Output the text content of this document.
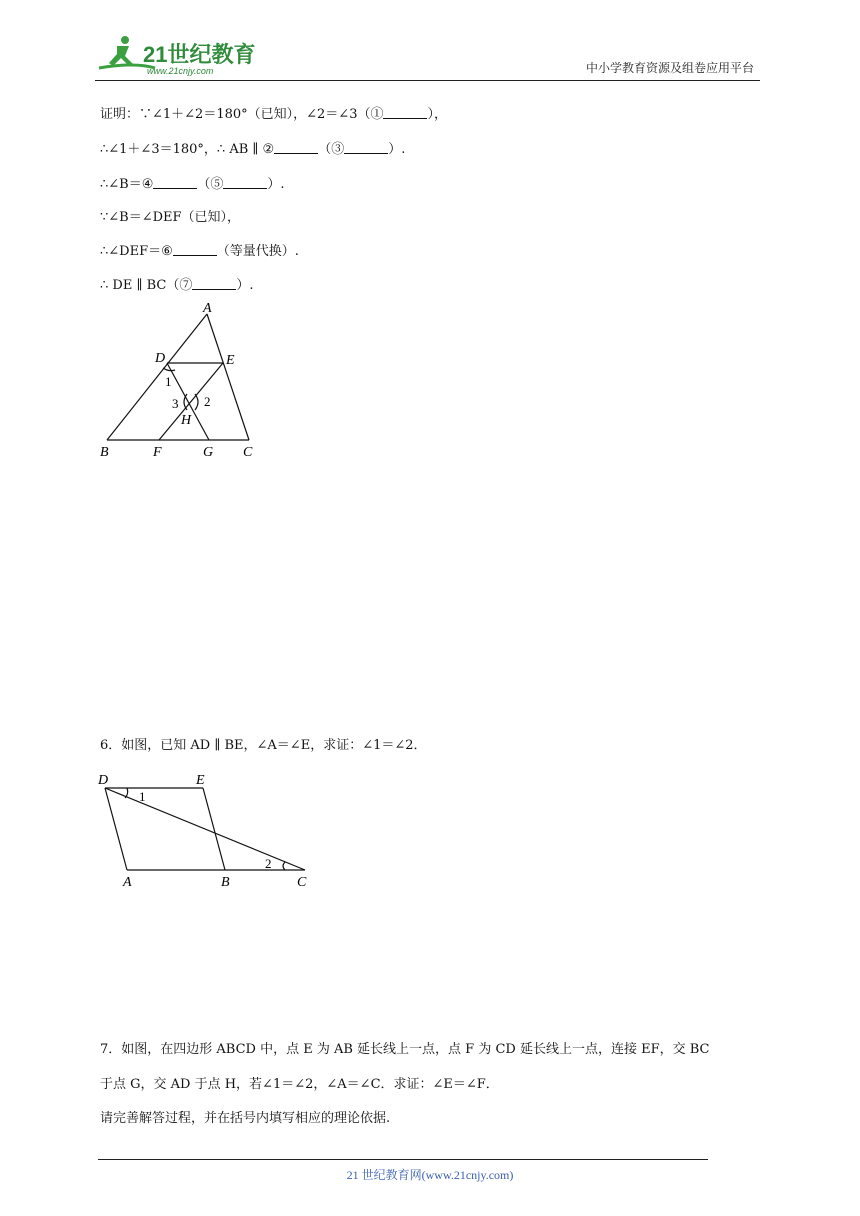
21世纪教育
www.21cnjy.com	中小学教育资源及组卷应用平台
证明：∵∠1＋∠2＝180°（已知），∠2＝∠3（①	），
∴∠1＋∠3＝180°，∴ AB ∥ ②	（③	）.
∴∠B＝④	（⑤	）.
∵∠B＝∠DEF（已知），
∴∠DEF＝⑥	（等量代换）.
∴ DE ∥ BC（⑦	）.
A
D	E
H
B	F	G C
1
3 2
6．如图，已知 AD ∥ BE，∠A＝∠E，求证：∠1＝∠2．
D	E
A	B	C
1
2
7．如图，在四边形 ABCD 中，点 E 为 AB 延长线上一点，点 F 为 CD 延长线上一点，连接 EF，交 BC
于点 G，交 AD 于点 H，若∠1＝∠2，∠A＝∠C．求证：∠E＝∠F．
请完善解答过程，并在括号内填写相应的理论依据.
21 世纪教育网(www.21cnjy.com)
